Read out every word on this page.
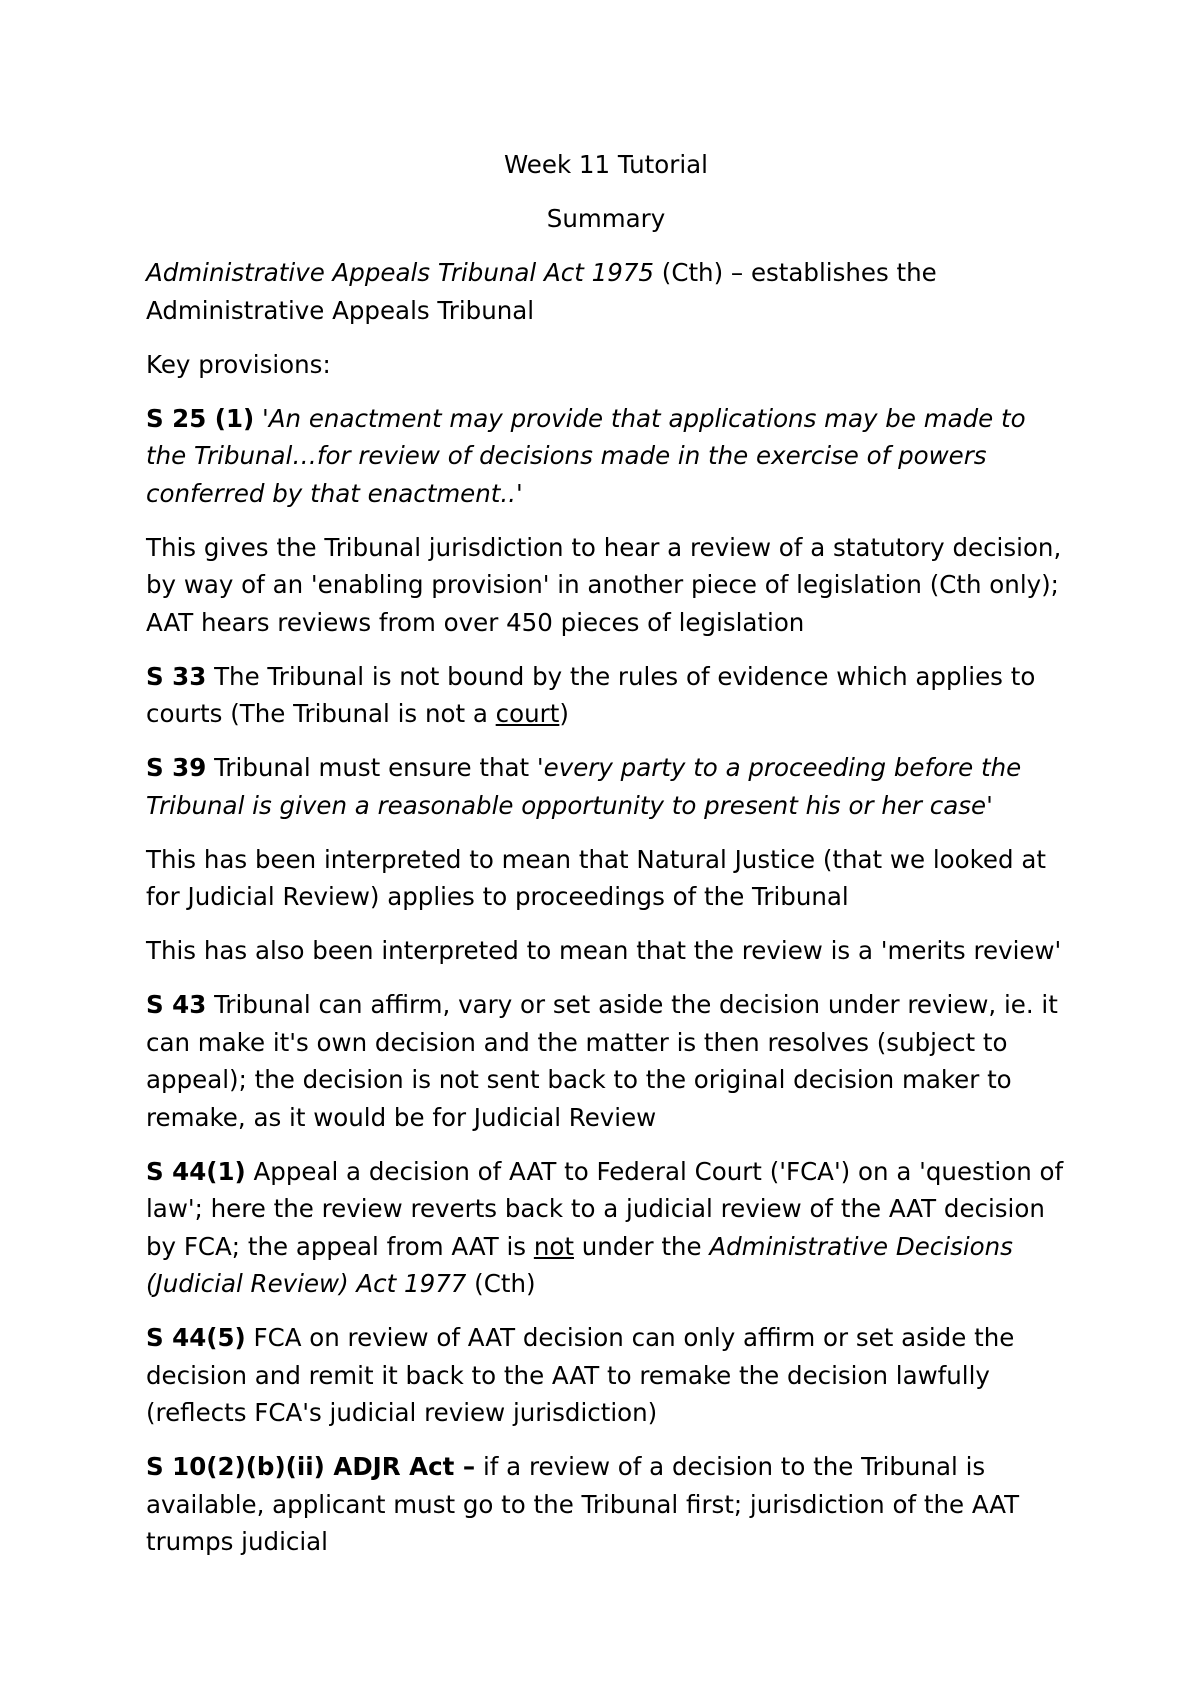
Week 11 Tutorial

Summary

Administrative Appeals Tribunal Act 1975 (Cth) – establishes the Administrative Appeals Tribunal

Key provisions:

S 25 (1) 'An enactment may provide that applications may be made to the Tribunal…for review of decisions made in the exercise of powers conferred by that enactment..'

This gives the Tribunal jurisdiction to hear a review of a statutory decision, by way of an 'enabling provision' in another piece of legislation (Cth only); AAT hears reviews from over 450 pieces of legislation

S 33 The Tribunal is not bound by the rules of evidence which applies to courts (The Tribunal is not a court)

S 39 Tribunal must ensure that 'every party to a proceeding before the Tribunal is given a reasonable opportunity to present his or her case'

This has been interpreted to mean that Natural Justice (that we looked at for Judicial Review) applies to proceedings of the Tribunal

This has also been interpreted to mean that the review is a 'merits review'

S 43 Tribunal can affirm, vary or set aside the decision under review, ie. it can make it's own decision and the matter is then resolves (subject to appeal); the decision is not sent back to the original decision maker to remake, as it would be for Judicial Review

S 44(1) Appeal a decision of AAT to Federal Court ('FCA') on a 'question of law'; here the review reverts back to a judicial review of the AAT decision by FCA; the appeal from AAT is not under the Administrative Decisions (Judicial Review) Act 1977 (Cth)

S 44(5) FCA on review of AAT decision can only affirm or set aside the decision and remit it back to the AAT to remake the decision lawfully (reflects FCA's judicial review jurisdiction)

S 10(2)(b)(ii) ADJR Act – if a review of a decision to the Tribunal is available, applicant must go to the Tribunal first; jurisdiction of the AAT trumps judicial
